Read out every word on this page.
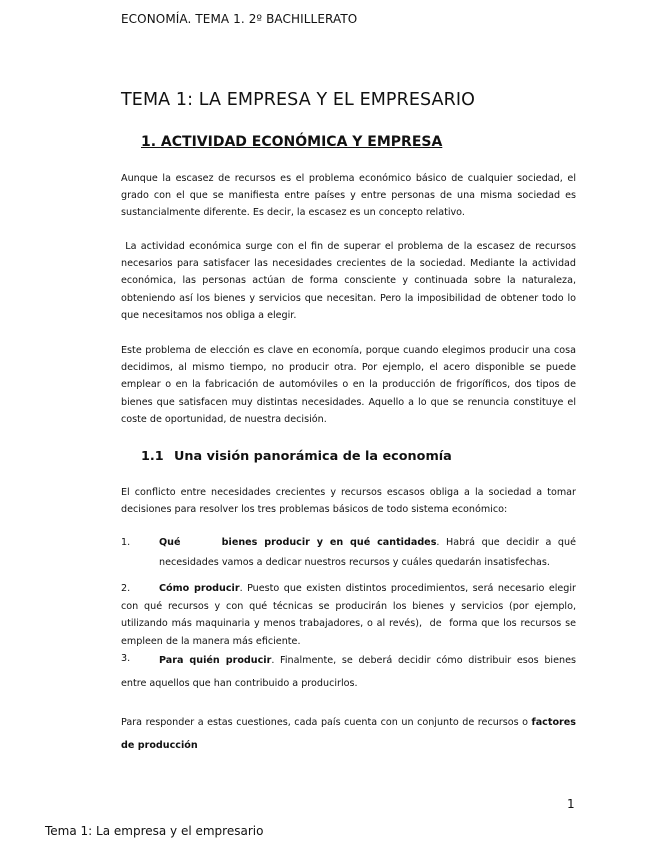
ECONOMÍA. TEMA 1. 2º BACHILLERATO
TEMA 1: LA EMPRESA Y EL EMPRESARIO
1. ACTIVIDAD ECONÓMICA Y EMPRESA
Aunque la escasez de recursos es el problema económico básico de cualquier sociedad, el grado con el que se manifiesta entre países y entre personas de una misma sociedad es sustancialmente diferente. Es decir, la escasez es un concepto relativo.
La actividad económica surge con el fin de superar el problema de la escasez de recursos necesarios para satisfacer las necesidades crecientes de la sociedad. Mediante la actividad económica, las personas actúan de forma consciente y continuada sobre la naturaleza, obteniendo así los bienes y servicios que necesitan. Pero la imposibilidad de obtener todo lo que necesitamos nos obliga a elegir.
Este problema de elección es clave en economía, porque cuando elegimos producir una cosa decidimos, al mismo tiempo, no producir otra. Por ejemplo, el acero disponible se puede emplear o en la fabricación de automóviles o en la producción de frigoríficos, dos tipos de bienes que satisfacen muy distintas necesidades. Aquello a lo que se renuncia constituye el coste de oportunidad, de nuestra decisión.
1.1 Una visión panorámica de la economía
El conflicto entre necesidades crecientes y recursos escasos obliga a la sociedad a tomar decisiones para resolver los tres problemas básicos de todo sistema económico:
1.	Qué      bienes producir y en qué cantidades. Habrá que decidir a qué necesidades vamos a dedicar nuestros recursos y cuáles quedarán insatisfechas.
2.	Cómo producir. Puesto que existen distintos procedimientos, será necesario elegir con qué recursos y con qué técnicas se producirán los bienes y servicios (por ejemplo, utilizando más maquinaria y menos trabajadores, o al revés),  de  forma que los recursos se empleen de la manera más eficiente.
3.	Para quién producir. Finalmente, se deberá decidir cómo distribuir esos bienes entre aquellos que han contribuido a producirlos.
Para responder a estas cuestiones, cada país cuenta con un conjunto de recursos o factores de producción
1
Tema 1: La empresa y el empresario
